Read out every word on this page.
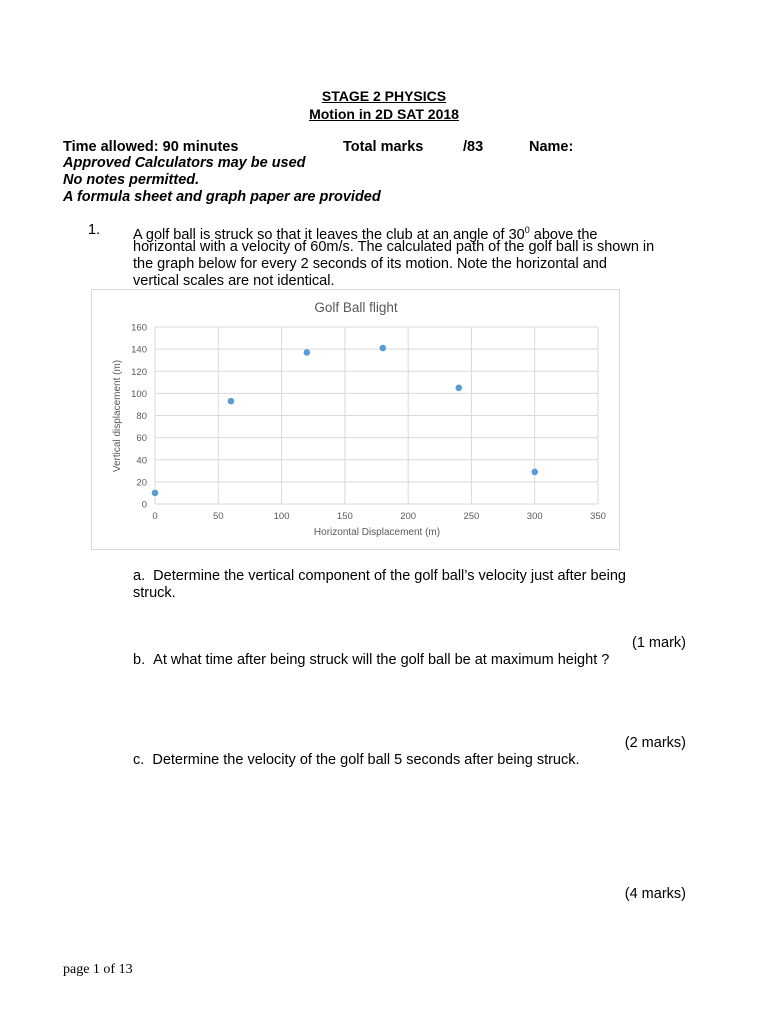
STAGE 2 PHYSICS
Motion in 2D SAT 2018
Time allowed: 90 minutes	Total marks	/83	Name:
Approved Calculators may be used
No notes permitted.
A formula sheet and graph paper are provided
1. A golf ball is struck so that it leaves the club at an angle of $30^0$ above the
horizontal with a velocity of 60m/s. The calculated path of the golf ball is shown in
the graph below for every 2 seconds of its motion. Note the horizontal and
vertical scales are not identical.
Golf Ball flight
0
20
40
60
80
100
120
140
160
0	50	100	150	200	250	300	350
Horizontal Displacement (m)
Vertical displacement (m)
a. Determine the vertical component of the golf ball’s velocity just after being
struck.
(1 mark)
b. At what time after being struck will the golf ball be at maximum height ?
(2 marks)
c. Determine the velocity of the golf ball 5 seconds after being struck.
(4 marks)
page 1 of 13
